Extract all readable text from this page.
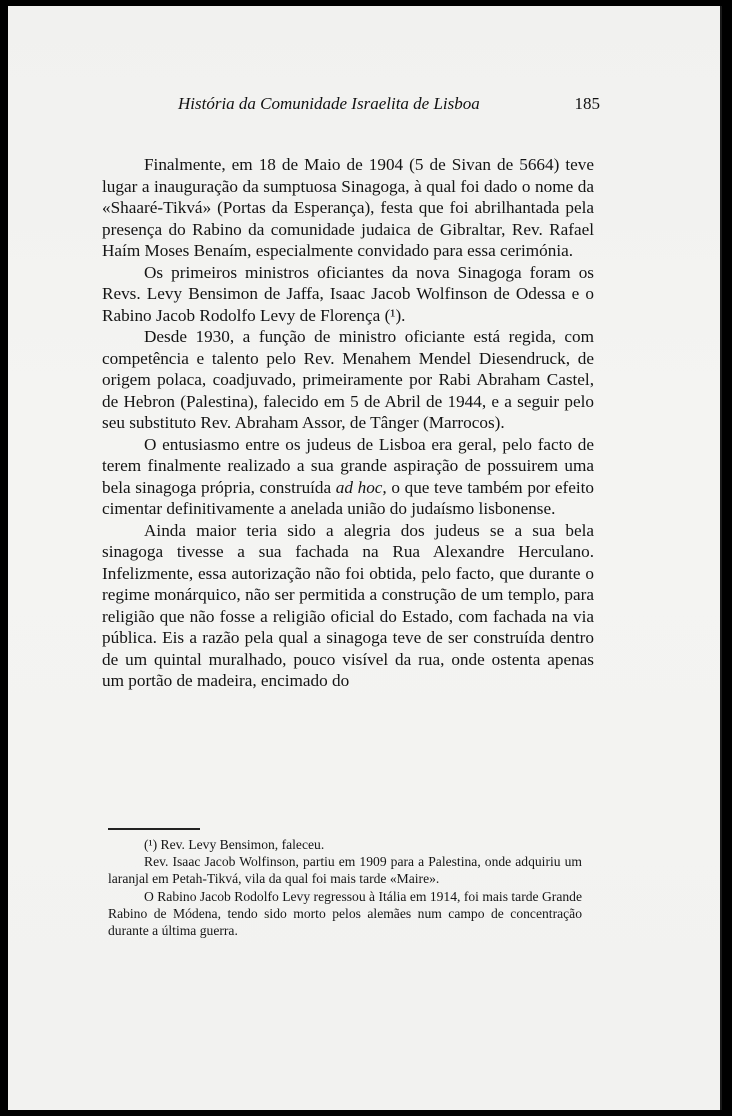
História da Comunidade Israelita de Lisboa	185

Finalmente, em 18 de Maio de 1904 (5 de Sivan de 5664) teve lugar a inauguração da sumptuosa Sinagoga, à qual foi dado o nome da «Shaaré-Tikvá» (Portas da Esperança), festa que foi abrilhantada pela presença do Rabino da comunidade judaica de Gibraltar, Rev. Rafael Haím Moses Benaím, especialmente convidado para essa cerimónia.

Os primeiros ministros oficiantes da nova Sinagoga foram os Revs. Levy Bensimon de Jaffa, Isaac Jacob Wolfinson de Odessa e o Rabino Jacob Rodolfo Levy de Florença (¹).

Desde 1930, a função de ministro oficiante está regida, com competência e talento pelo Rev. Menahem Mendel Diesendruck, de origem polaca, coadjuvado, primeiramente por Rabi Abraham Castel, de Hebron (Palestina), falecido em 5 de Abril de 1944, e a seguir pelo seu substituto Rev. Abraham Assor, de Tânger (Marrocos).

O entusiasmo entre os judeus de Lisboa era geral, pelo facto de terem finalmente realizado a sua grande aspiração de possuirem uma bela sinagoga própria, construída ad hoc, o que teve também por efeito cimentar definitivamente a anelada união do judaísmo lisbonense.

Ainda maior teria sido a alegria dos judeus se a sua bela sinagoga tivesse a sua fachada na Rua Alexandre Herculano. Infelizmente, essa autorização não foi obtida, pelo facto, que durante o regime monárquico, não ser permitida a construção de um templo, para religião que não fosse a religião oficial do Estado, com fachada na via pública. Eis a razão pela qual a sinagoga teve de ser construída dentro de um quintal muralhado, pouco visível da rua, onde ostenta apenas um portão de madeira, encimado do

(¹) Rev. Levy Bensimon, faleceu.

Rev. Isaac Jacob Wolfinson, partiu em 1909 para a Palestina, onde adquiriu um laranjal em Petah-Tikvá, vila da qual foi mais tarde «Maire».

O Rabino Jacob Rodolfo Levy regressou à Itália em 1914, foi mais tarde Grande Rabino de Módena, tendo sido morto pelos alemães num campo de concentração durante a última guerra.
